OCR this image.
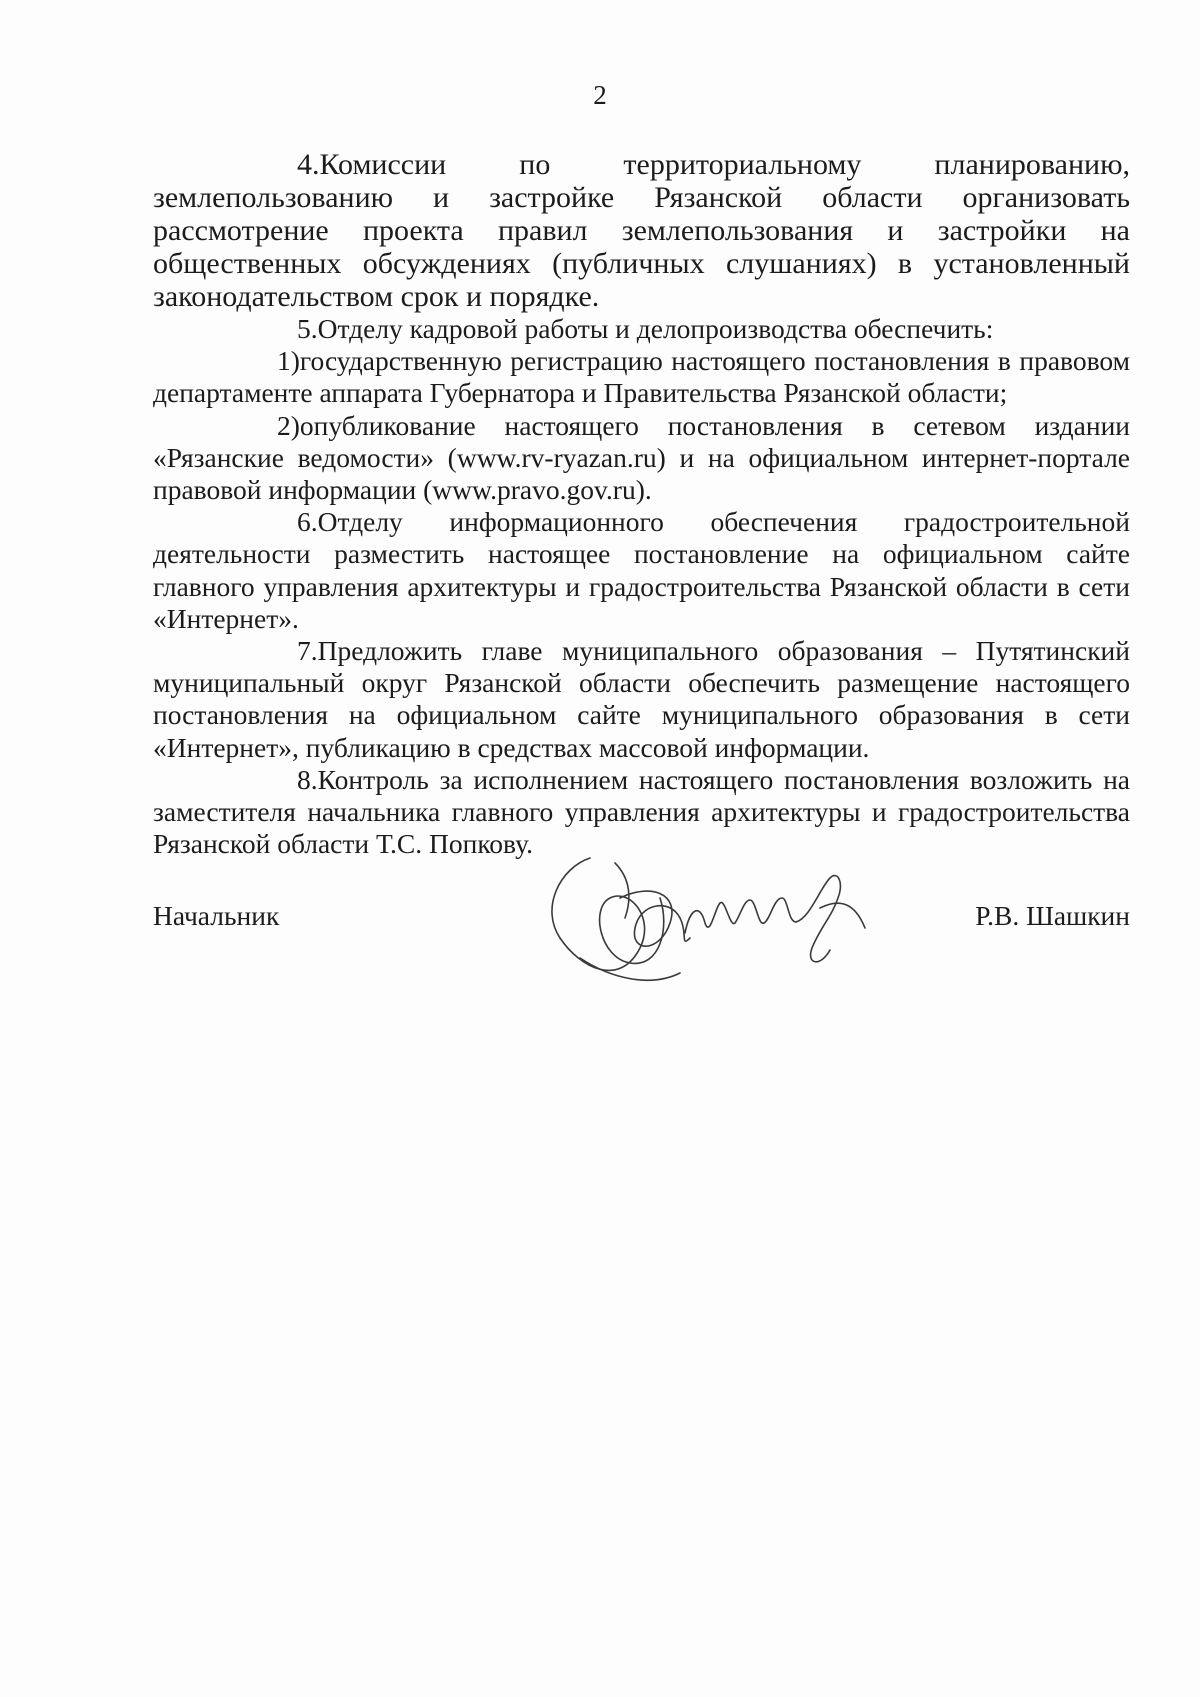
2

4.Комиссии по территориальному планированию, землепользованию и застройке Рязанской области организовать рассмотрение проекта правил землепользования и застройки на общественных обсуждениях (публичных слушаниях) в установленный законодательством срок и порядке.

5.Отделу кадровой работы и делопроизводства обеспечить:

1)государственную регистрацию настоящего постановления в правовом департаменте аппарата Губернатора и Правительства Рязанской области;

2)опубликование настоящего постановления в сетевом издании «Рязанские ведомости» (www.rv-ryazan.ru) и на официальном интернет-портале правовой информации (www.pravo.gov.ru).

6.Отделу информационного обеспечения градостроительной деятельности разместить настоящее постановление на официальном сайте главного управления архитектуры и градостроительства Рязанской области в сети «Интернет».

7.Предложить главе муниципального образования – Путятинский муниципальный округ Рязанской области обеспечить размещение настоящего постановления на официальном сайте муниципального образования в сети «Интернет», публикацию в средствах массовой информации.

8.Контроль за исполнением настоящего постановления возложить на заместителя начальника главного управления архитектуры и градостроительства Рязанской области Т.С. Попкову.

Начальник	Р.В. Шашкин
